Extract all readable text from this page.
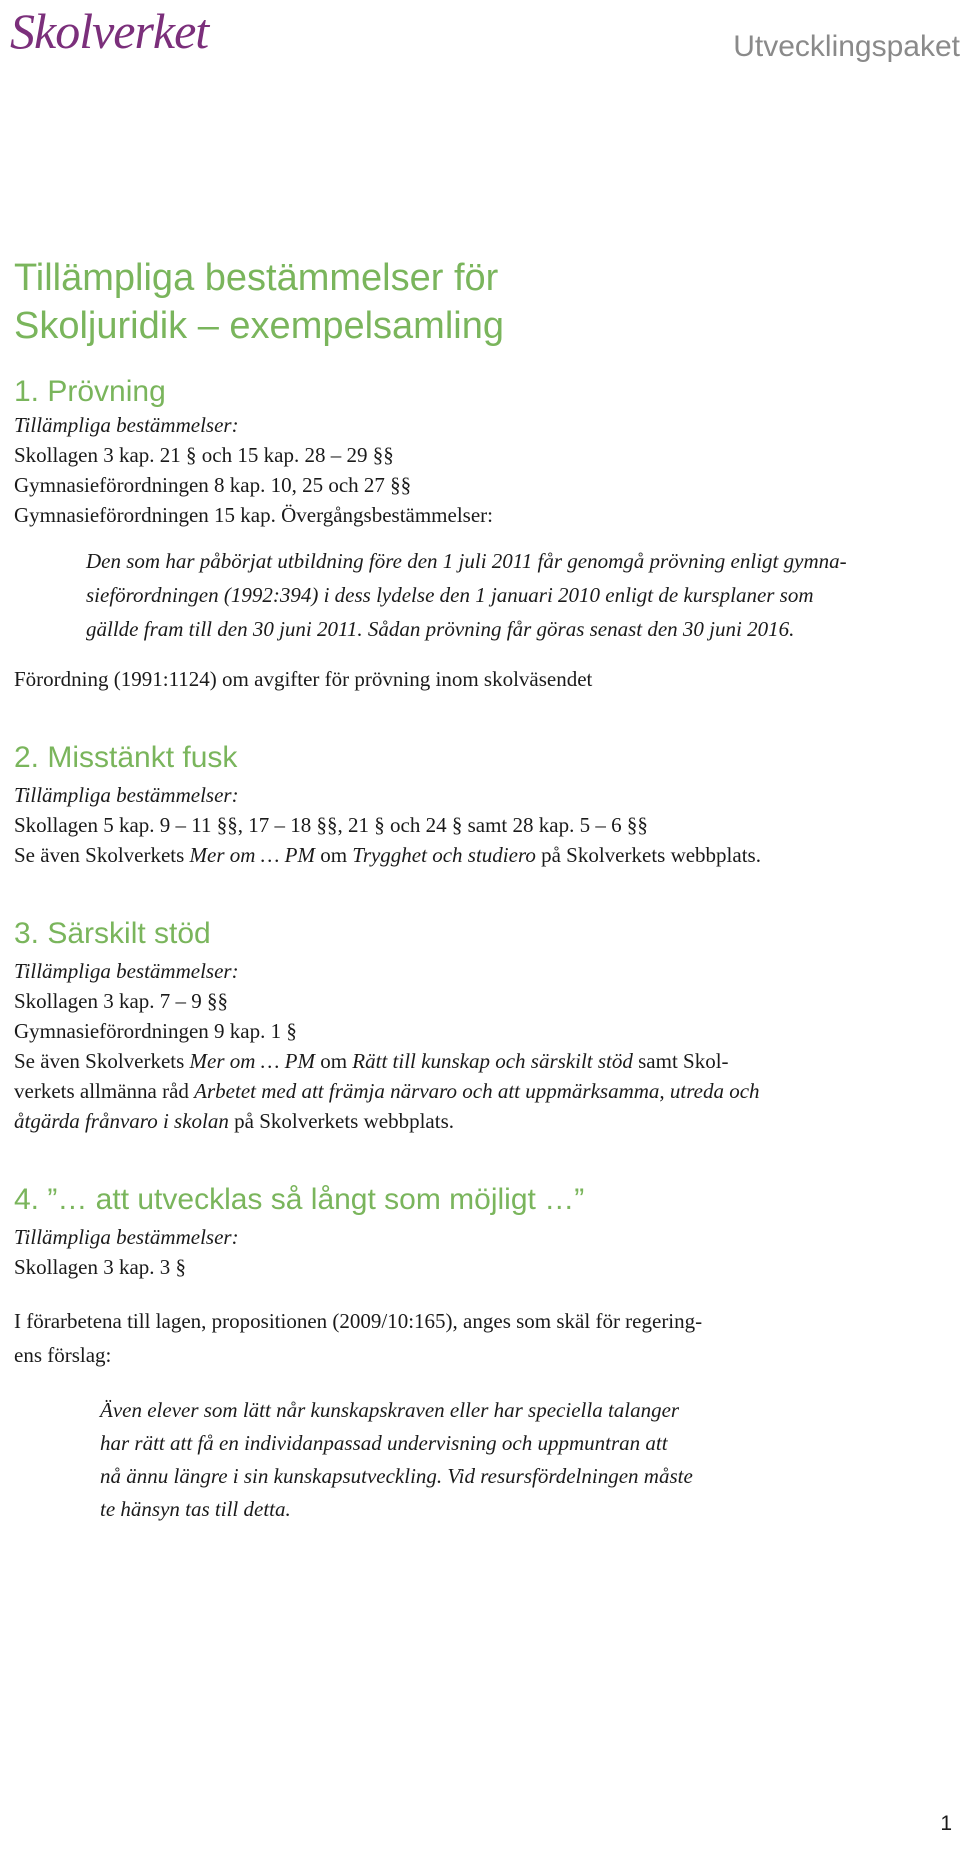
Skolverket	Utvecklingspaket
Tillämpliga bestämmelser för
Skoljuridik – exempelsamling
1. Prövning
Tillämpliga bestämmelser:
Skollagen 3 kap. 21 § och 15 kap. 28 – 29 §§
Gymnasieförordningen 8 kap. 10, 25 och 27 §§
Gymnasieförordningen 15 kap. Övergångsbestämmelser:
Den som har påbörjat utbildning före den 1 juli 2011 får genomgå prövning enligt gymna-
sieförordningen (1992:394) i dess lydelse den 1 januari 2010 enligt de kursplaner som
gällde fram till den 30 juni 2011. Sådan prövning får göras senast den 30 juni 2016.
Förordning (1991:1124) om avgifter för prövning inom skolväsendet
2. Misstänkt fusk
Tillämpliga bestämmelser:
Skollagen 5 kap. 9 – 11 §§, 17 – 18 §§, 21 § och 24 § samt 28 kap. 5 – 6 §§
Se även Skolverkets Mer om … PM om Trygghet och studiero på Skolverkets webbplats.
3. Särskilt stöd
Tillämpliga bestämmelser:
Skollagen 3 kap. 7 – 9 §§
Gymnasieförordningen 9 kap. 1 §
Se även Skolverkets Mer om … PM om Rätt till kunskap och särskilt stöd samt Skol-
verkets allmänna råd Arbetet med att främja närvaro och att uppmärksamma, utreda och
åtgärda frånvaro i skolan på Skolverkets webbplats.
4. ”… att utvecklas så långt som möjligt …”
Tillämpliga bestämmelser:
Skollagen 3 kap. 3 §
I förarbetena till lagen, propositionen (2009/10:165), anges som skäl för regering-
ens förslag:
Även elever som lätt når kunskapskraven eller har speciella talanger
har rätt att få en individanpassad undervisning och uppmuntran att
nå ännu längre i sin kunskapsutveckling. Vid resursfördelningen måste
te hänsyn tas till detta.
1
